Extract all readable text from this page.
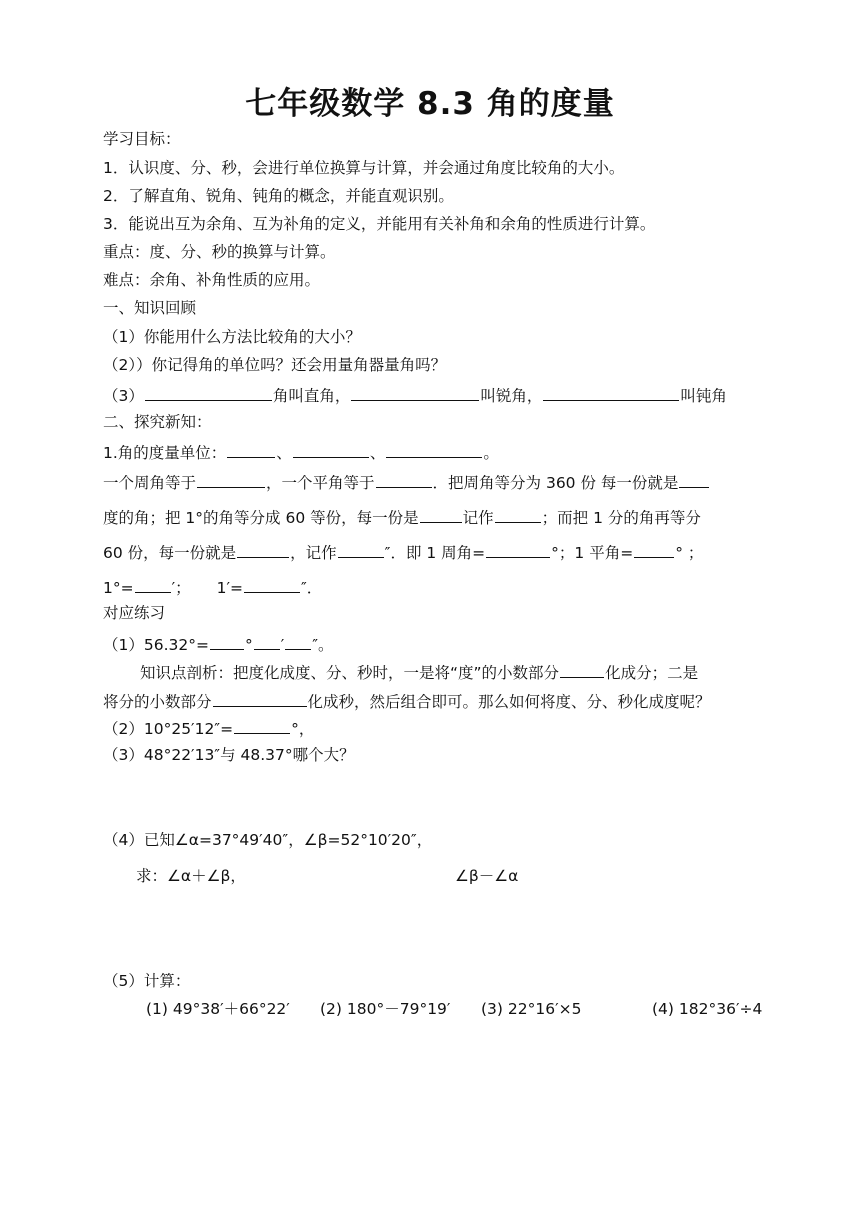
七年级数学 8.3 角的度量
学习目标：
1．认识度、分、秒，会进行单位换算与计算，并会通过角度比较角的大小。
2．了解直角、锐角、钝角的概念，并能直观识别。
3．能说出互为余角、互为补角的定义，并能用有关补角和余角的性质进行计算。
重点：度、分、秒的换算与计算。
难点：余角、补角性质的应用。
一、知识回顾
（1）你能用什么方法比较角的大小？
（2））你记得角的单位吗？还会用量角器量角吗？
（3）	角叫直角，	叫锐角，	叫钝角
二、探究新知：
1.角的度量单位：	、	、	。
一个周角等于	，一个平角等于	．把周角等分为 360 份 每一份就是
度的角；把 1°的角等分成 60 等份，每一份是	记作	；而把 1 分的角再等分
60 份，每一份就是	，记作	″．即 1 周角=	°；1 平角=	° ；
1°= ′； 1′=	″．
对应练习
（1）56.32°= ° ′ ″。
知识点剖析：把度化成度、分、秒时，一是将“度”的小数部分	化成分；二是
将分的小数部分	化成秒，然后组合即可。那么如何将度、分、秒化成度呢？
（2）10°25′12″=	°，
（3）48°22′13″与 48.37°哪个大？
（4）已知∠α=37°49′40″，∠β=52°10′20″，
求：∠α＋∠β，	∠β－∠α
（5）计算：
(1) 49°38′＋66°22′ (2) 180°－79°19′ (3) 22°16′×5	(4) 182°36′÷4
